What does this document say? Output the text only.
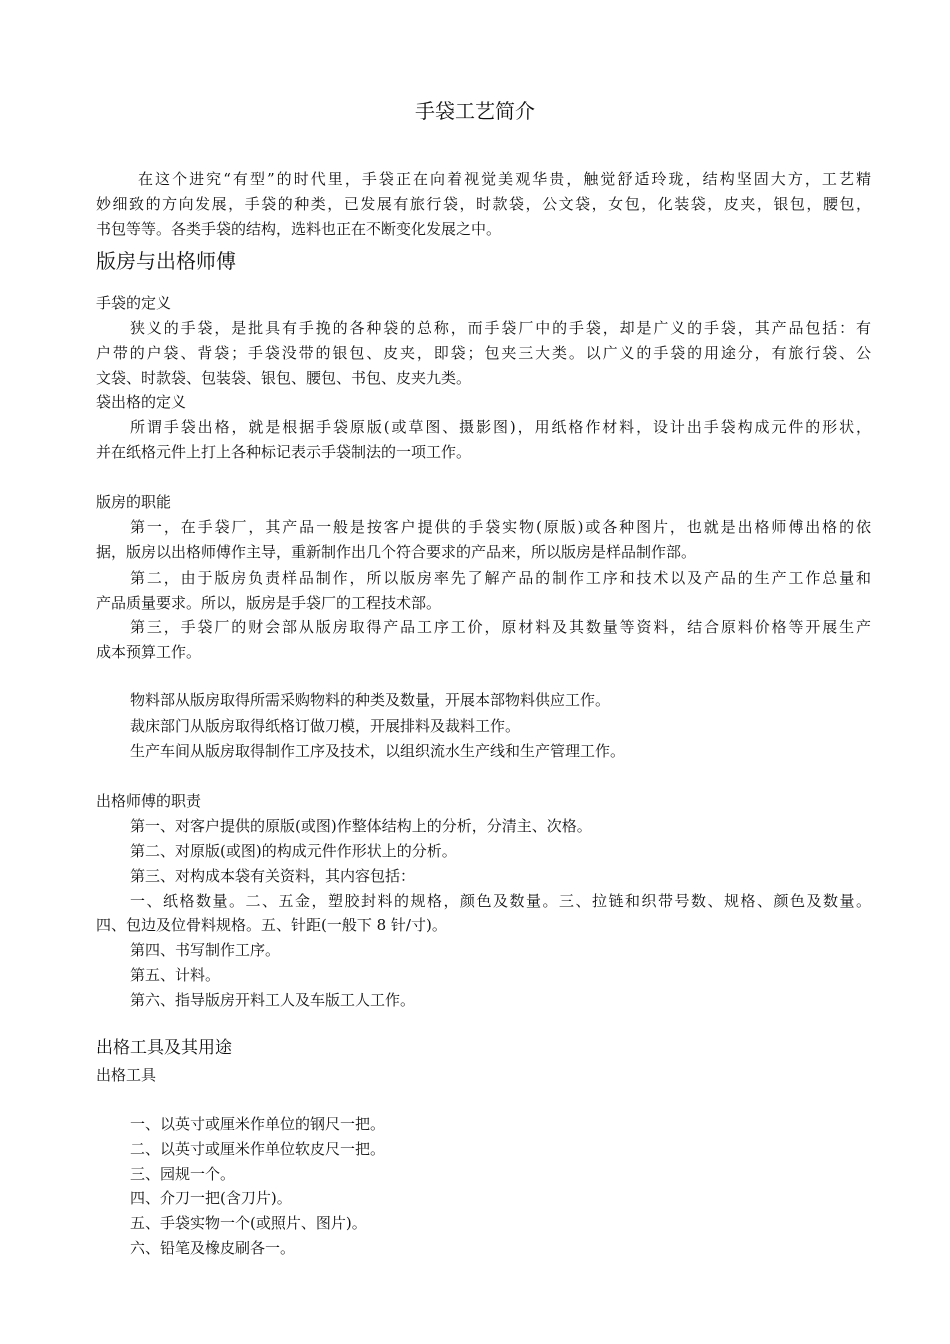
手袋工艺简介
在这个进究“有型”的时代里，手袋正在向着视觉美观华贵，触觉舒适玲珑，结构坚固大方，工艺精
妙细致的方向发展，手袋的种类，已发展有旅行袋，时款袋，公文袋，女包，化装袋，皮夹，银包，腰包，
书包等等。各类手袋的结构，选料也正在不断变化发展之中。
版房与出格师傅
手袋的定义
狭义的手袋，是批具有手挽的各种袋的总称，而手袋厂中的手袋，却是广义的手袋，其产品包括：有
户带的户袋、背袋；手袋没带的银包、皮夹，即袋；包夹三大类。以广义的手袋的用途分，有旅行袋、公
文袋、时款袋、包装袋、银包、腰包、书包、皮夹九类。
袋出格的定义
所谓手袋出格，就是根据手袋原版(或草图、摄影图)，用纸格作材料，设计出手袋构成元件的形状，
并在纸格元件上打上各种标记表示手袋制法的一项工作。
版房的职能
第一，在手袋厂，其产品一般是按客户提供的手袋实物(原版)或各种图片，也就是出格师傅出格的依
据，版房以出格师傅作主导，重新制作出几个符合要求的产品来，所以版房是样品制作部。
第二，由于版房负责样品制作，所以版房率先了解产品的制作工序和技术以及产品的生产工作总量和
产品质量要求。所以，版房是手袋厂的工程技术部。
第三，手袋厂的财会部从版房取得产品工序工价，原材料及其数量等资料，结合原料价格等开展生产
成本预算工作。
物料部从版房取得所需采购物料的种类及数量，开展本部物料供应工作。
裁床部门从版房取得纸格订做刀模，开展排料及裁料工作。
生产车间从版房取得制作工序及技术，以组织流水生产线和生产管理工作。
出格师傅的职责
第一、对客户提供的原版(或图)作整体结构上的分析，分清主、次格。
第二、对原版(或图)的构成元件作形状上的分析。
第三、对构成本袋有关资料，其内容包括：
一、纸格数量。二、五金，塑胶封料的规格，颜色及数量。三、拉链和织带号数、规格、颜色及数量。
四、包边及位骨料规格。五、针距(一般下 8 针/寸)。
第四、书写制作工序。
第五、计料。
第六、指导版房开料工人及车版工人工作。
出格工具及其用途
出格工具
一、以英寸或厘米作单位的钢尺一把。
二、以英寸或厘米作单位软皮尺一把。
三、园规一个。
四、介刀一把(含刀片)。
五、手袋实物一个(或照片、图片)。
六、铅笔及橡皮刷各一。
